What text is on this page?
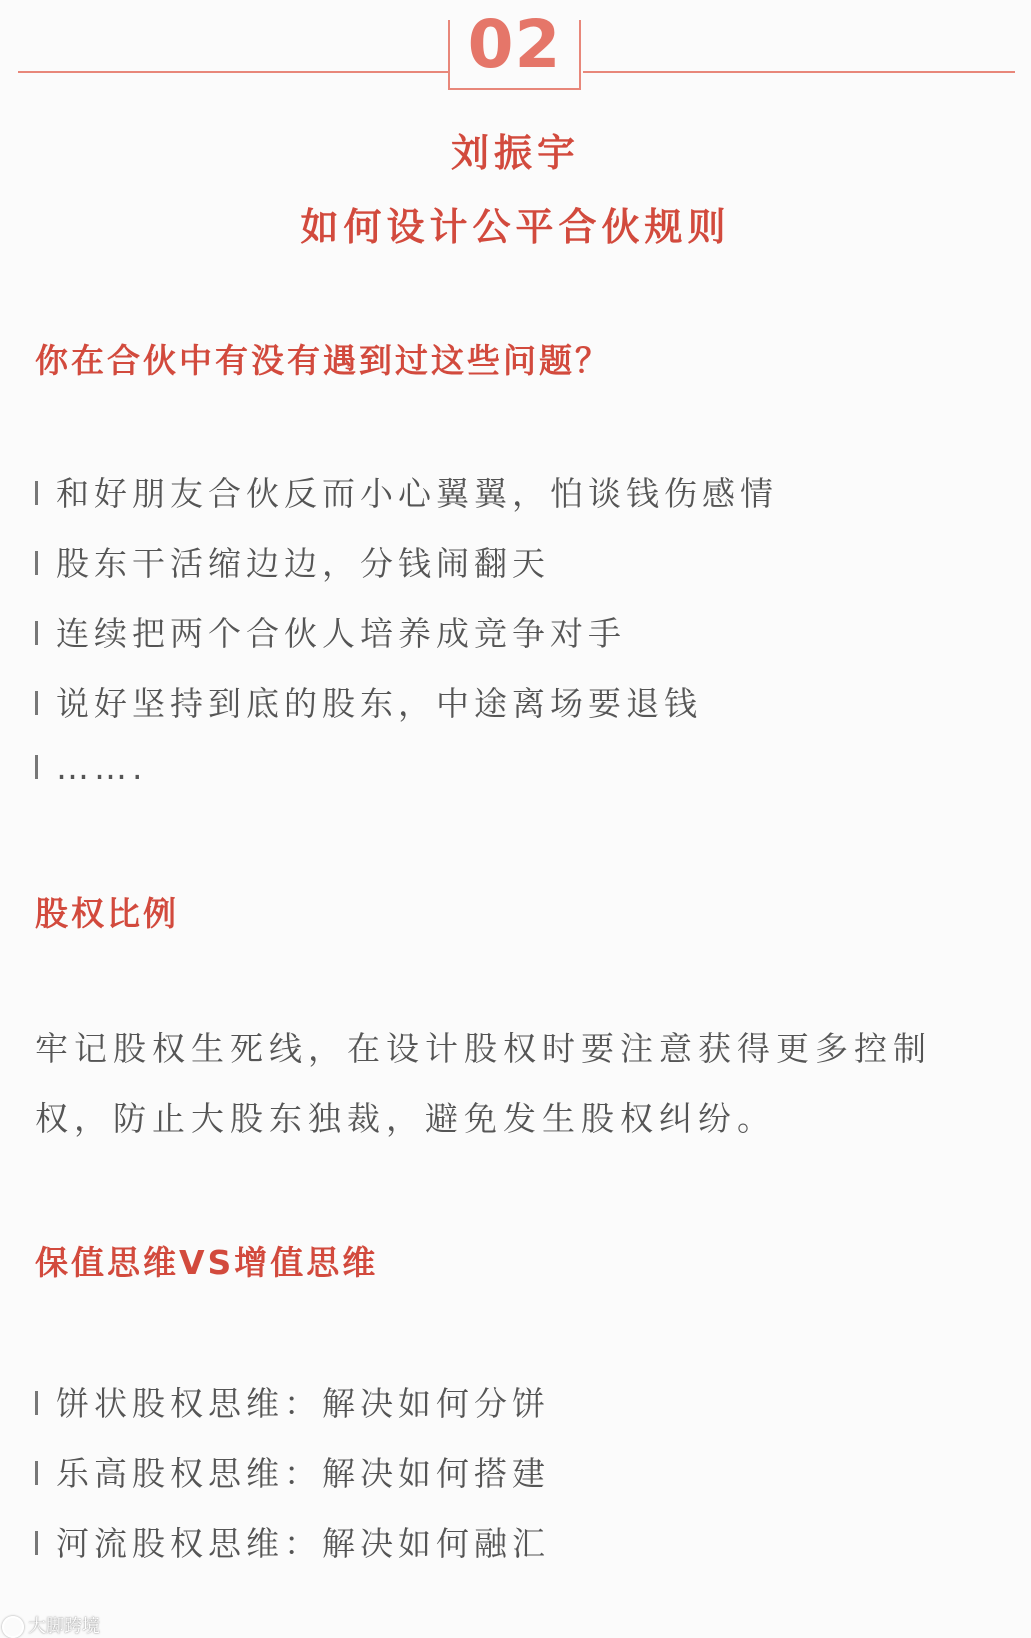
02
刘振宇
如何设计公平合伙规则
你在合伙中有没有遇到过这些问题？
和好朋友合伙反而小心翼翼，怕谈钱伤感情
股东干活缩边边，分钱闹翻天
连续把两个合伙人培养成竞争对手
说好坚持到底的股东，中途离场要退钱
…….
股权比例
牢记股权生死线，在设计股权时要注意获得更多控制权，防止大股东独裁，避免发生股权纠纷。
保值思维VS增值思维
饼状股权思维：解决如何分饼
乐高股权思维：解决如何搭建
河流股权思维：解决如何融汇
大脚跨境
